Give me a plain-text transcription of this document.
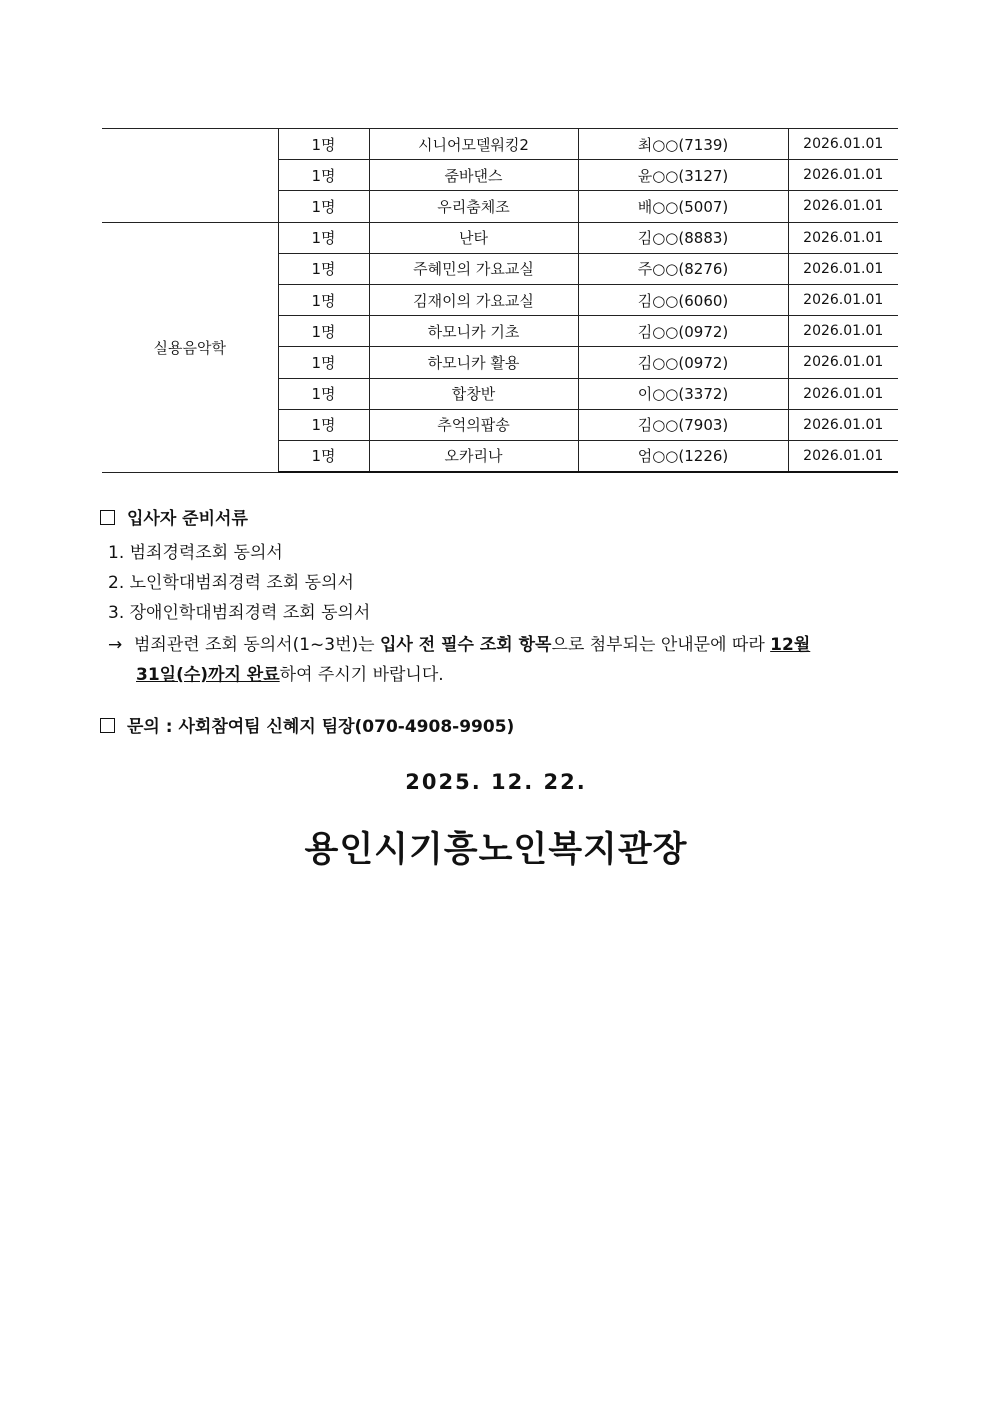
	1명	시니어모델워킹2	최○○(7139)	2026.01.01
	1명	줌바댄스	윤○○(3127)	2026.01.01
	1명	우리춤체조	배○○(5007)	2026.01.01
실용음악학	1명	난타	김○○(8883)	2026.01.01
	1명	주혜민의 가요교실	주○○(8276)	2026.01.01
	1명	김재이의 가요교실	김○○(6060)	2026.01.01
	1명	하모니카 기초	김○○(0972)	2026.01.01
	1명	하모니카 활용	김○○(0972)	2026.01.01
	1명	합창반	이○○(3372)	2026.01.01
	1명	추억의팝송	김○○(7903)	2026.01.01
	1명	오카리나	엄○○(1226)	2026.01.01
입사자 준비서류
1. 범죄경력조회 동의서
2. 노인학대범죄경력 조회 동의서
3. 장애인학대범죄경력 조회 동의서
→ 범죄관련 조회 동의서(1~3번)는 입사 전 필수 조회 항목으로 첨부되는 안내문에 따라 12월
31일(수)까지 완료하여 주시기 바랍니다.
문의 : 사회참여팀 신혜지 팀장(070-4908-9905)
2025. 12. 22.
용인시기흥노인복지관장
